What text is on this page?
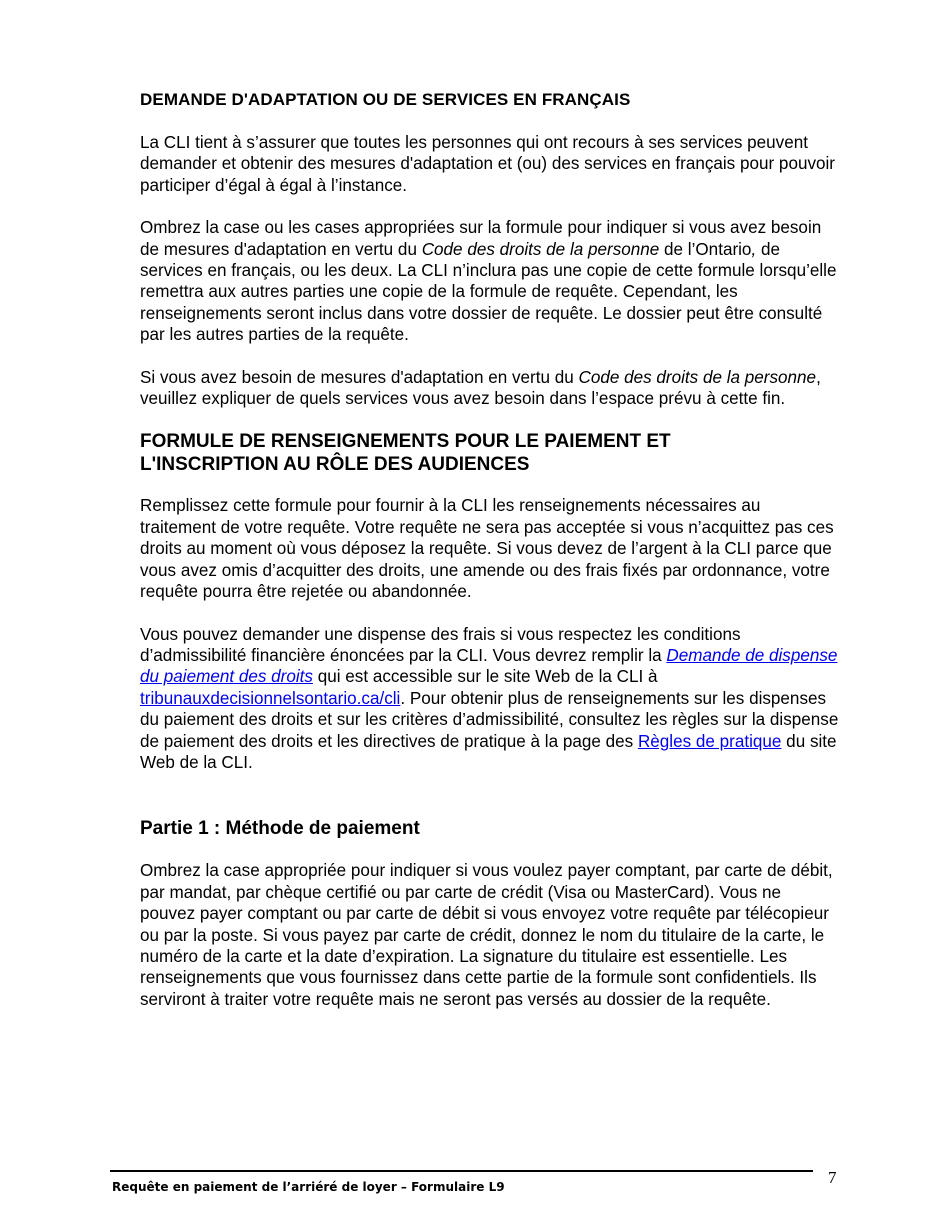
DEMANDE D'ADAPTATION OU DE SERVICES EN FRANÇAIS

La CLI tient à s’assurer que toutes les personnes qui ont recours à ses services peuvent demander et obtenir des mesures d'adaptation et (ou) des services en français pour pouvoir participer d’égal à égal à l’instance.

Ombrez la case ou les cases appropriées sur la formule pour indiquer si vous avez besoin de mesures d'adaptation en vertu du Code des droits de la personne de l’Ontario, de services en français, ou les deux. La CLI n’inclura pas une copie de cette formule lorsqu’elle remettra aux autres parties une copie de la formule de requête. Cependant, les renseignements seront inclus dans votre dossier de requête. Le dossier peut être consulté par les autres parties de la requête.

Si vous avez besoin de mesures d'adaptation en vertu du Code des droits de la personne, veuillez expliquer de quels services vous avez besoin dans l’espace prévu à cette fin.

FORMULE DE RENSEIGNEMENTS POUR LE PAIEMENT ET
L'INSCRIPTION AU RÔLE DES AUDIENCES

Remplissez cette formule pour fournir à la CLI les renseignements nécessaires au traitement de votre requête. Votre requête ne sera pas acceptée si vous n’acquittez pas ces droits au moment où vous déposez la requête. Si vous devez de l’argent à la CLI parce que vous avez omis d’acquitter des droits, une amende ou des frais fixés par ordonnance, votre requête pourra être rejetée ou abandonnée.

Vous pouvez demander une dispense des frais si vous respectez les conditions d’admissibilité financière énoncées par la CLI. Vous devrez remplir la Demande de dispense du paiement des droits qui est accessible sur le site Web de la CLI à tribunauxdecisionnelsontario.ca/cli. Pour obtenir plus de renseignements sur les dispenses du paiement des droits et sur les critères d’admissibilité, consultez les règles sur la dispense de paiement des droits et les directives de pratique à la page des Règles de pratique du site Web de la CLI.

Partie 1 : Méthode de paiement

Ombrez la case appropriée pour indiquer si vous voulez payer comptant, par carte de débit, par mandat, par chèque certifié ou par carte de crédit (Visa ou MasterCard). Vous ne pouvez payer comptant ou par carte de débit si vous envoyez votre requête par télécopieur ou par la poste. Si vous payez par carte de crédit, donnez le nom du titulaire de la carte, le numéro de la carte et la date d’expiration. La signature du titulaire est essentielle. Les renseignements que vous fournissez dans cette partie de la formule sont confidentiels. Ils serviront à traiter votre requête mais ne seront pas versés au dossier de la requête.

Requête en paiement de l’arriéré de loyer – Formulaire L9	7
